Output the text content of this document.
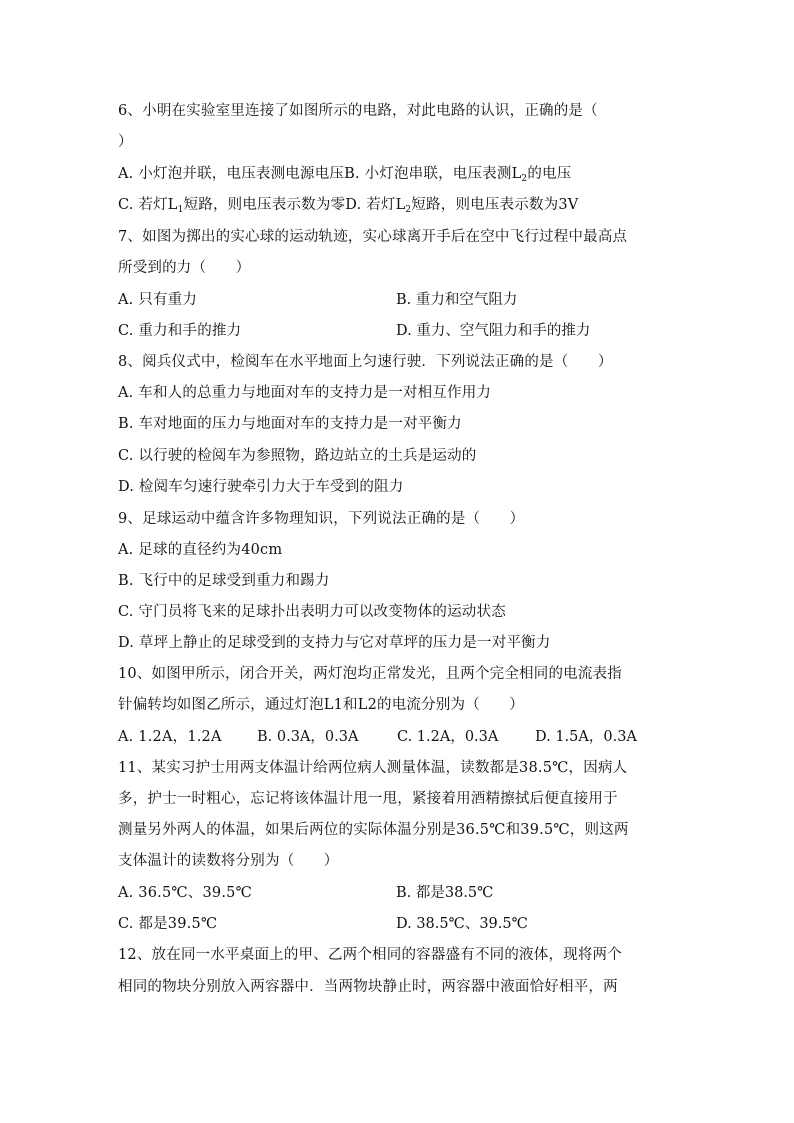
6、小明在实验室里连接了如图所示的电路，对此电路的认识，正确的是（
）
A. 小灯泡并联，电压表测电源电压B. 小灯泡串联，电压表测$L_2$的电压
C. 若灯$L_1$短路，则电压表示数为零D. 若灯$L_2$短路，则电压表示数为3V
7、如图为掷出的实心球的运动轨迹，实心球离开手后在空中飞行过程中最高点
所受到的力（　　）
A. 只有重力	B. 重力和空气阻力
C. 重力和手的推力	D. 重力、空气阻力和手的推力
8、阅兵仪式中，检阅车在水平地面上匀速行驶．下列说法正确的是（　　）
A. 车和人的总重力与地面对车的支持力是一对相互作用力
B. 车对地面的压力与地面对车的支持力是一对平衡力
C. 以行驶的检阅车为参照物，路边站立的土兵是运动的
D. 检阅车匀速行驶牵引力大于车受到的阻力
9、足球运动中蕴含许多物理知识，下列说法正确的是（　　）
A. 足球的直径约为40cm
B. 飞行中的足球受到重力和踢力
C. 守门员将飞来的足球扑出表明力可以改变物体的运动状态
D. 草坪上静止的足球受到的支持力与它对草坪的压力是一对平衡力
10、如图甲所示，闭合开关，两灯泡均正常发光，且两个完全相同的电流表指
针偏转均如图乙所示，通过灯泡L1和L2的电流分别为（　　）
A. 1.2A，1.2A B. 0.3A，0.3A	C. 1.2A，0.3A	D. 1.5A，0.3A
11、某实习护士用两支体温计给两位病人测量体温，读数都是38.5℃，因病人
多，护士一时粗心，忘记将该体温计甩一甩，紧接着用酒精擦拭后便直接用于
测量另外两人的体温，如果后两位的实际体温分别是36.5℃和39.5℃，则这两
支体温计的读数将分别为（　　）
A. 36.5℃、39.5℃	B. 都是38.5℃
C. 都是39.5℃	D. 38.5℃、39.5℃
12、放在同一水平桌面上的甲、乙两个相同的容器盛有不同的液体，现将两个
相同的物块分别放入两容器中．当两物块静止时，两容器中液面恰好相平，两
